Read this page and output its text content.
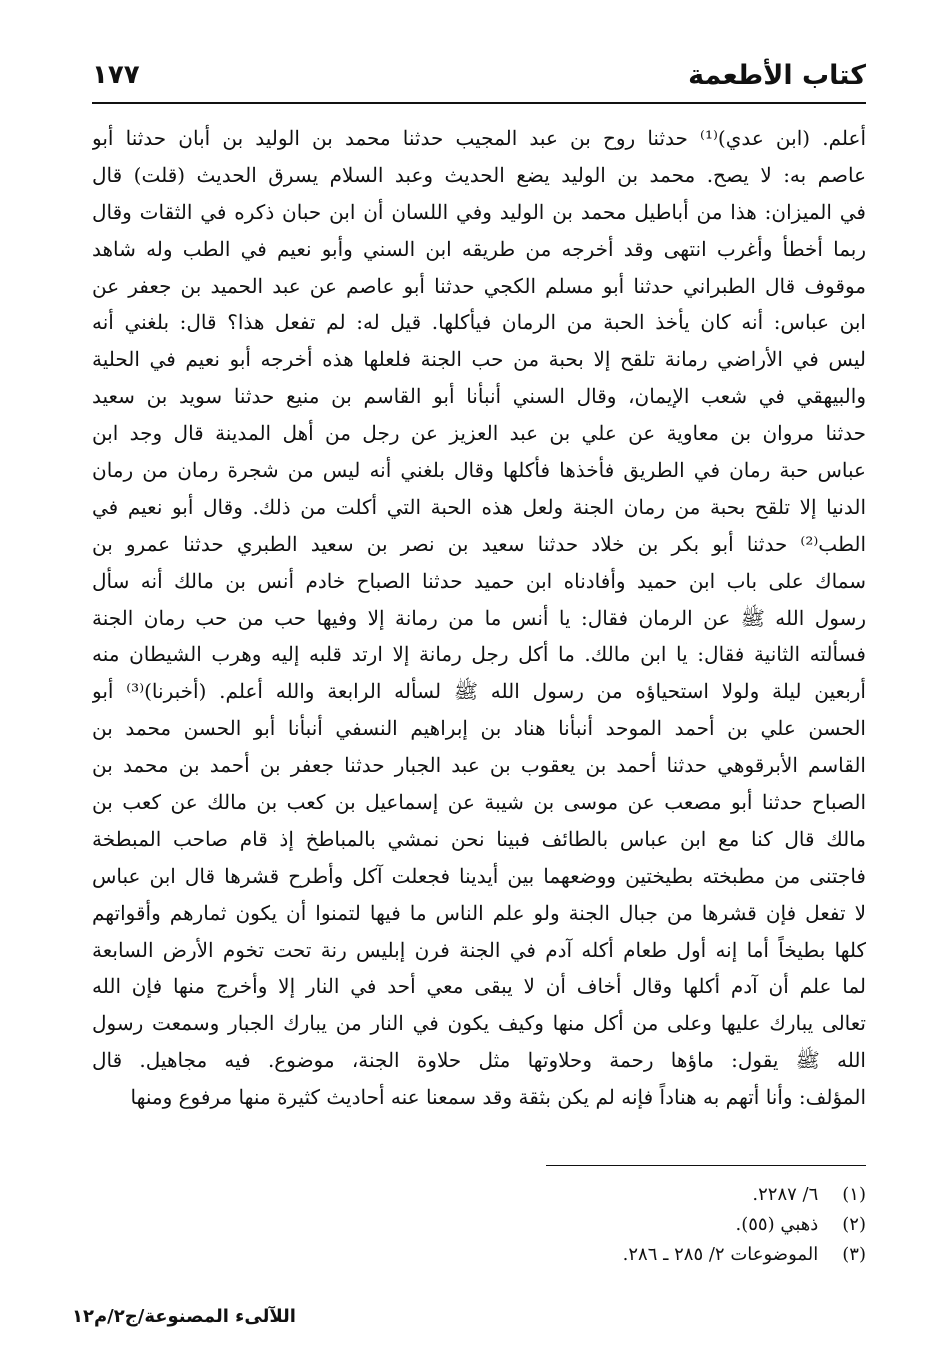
كتاب الأطعمة
١٧٧
أعلم. (ابن عدي)⁽¹⁾ حدثنا روح بن عبد المجيب حدثنا محمد بن الوليد بن أبان حدثنا أبو
عاصم به: لا يصح. محمد بن الوليد يضع الحديث وعبد السلام يسرق الحديث (قلت) قال
في الميزان: هذا من أباطيل محمد بن الوليد وفي اللسان أن ابن حبان ذكره في الثقات وقال
ربما أخطأ وأغرب انتهى وقد أخرجه من طريقه ابن السني وأبو نعيم في الطب وله شاهد
موقوف قال الطبراني حدثنا أبو مسلم الكجي حدثنا أبو عاصم عن عبد الحميد بن جعفر عن
ابن عباس: أنه كان يأخذ الحبة من الرمان فيأكلها. قيل له: لم تفعل هذا؟ قال: بلغني أنه
ليس في الأراضي رمانة تلقح إلا بحبة من حب الجنة فلعلها هذه أخرجه أبو نعيم في الحلية
والبيهقي في شعب الإيمان، وقال السني أنبأنا أبو القاسم بن منيع حدثنا سويد بن سعيد
حدثنا مروان بن معاوية عن علي بن عبد العزيز عن رجل من أهل المدينة قال وجد ابن
عباس حبة رمان في الطريق فأخذها فأكلها وقال بلغني أنه ليس من شجرة رمان من رمان
الدنيا إلا تلقح بحبة من رمان الجنة ولعل هذه الحبة التي أكلت من ذلك. وقال أبو نعيم في
الطب⁽²⁾ حدثنا أبو بكر بن خلاد حدثنا سعيد بن نصر بن سعيد الطبري حدثنا عمرو بن
سماك على باب ابن حميد وأفادناه ابن حميد حدثنا الصباح خادم أنس بن مالك أنه سأل
رسول الله ﷺ عن الرمان فقال: يا أنس ما من رمانة إلا وفيها حب من حب رمان الجنة
فسألته الثانية فقال: يا ابن مالك. ما أكل رجل رمانة إلا ارتد قلبه إليه وهرب الشيطان منه
أربعين ليلة ولولا استحياؤه من رسول الله ﷺ لسأله الرابعة والله أعلم. (أخبرنا)⁽³⁾ أبو
الحسن علي بن أحمد الموحد أنبأنا هناد بن إبراهيم النسفي أنبأنا أبو الحسن محمد بن
القاسم الأبرقوهي حدثنا أحمد بن يعقوب بن عبد الجبار حدثنا جعفر بن أحمد بن محمد بن
الصباح حدثنا أبو مصعب عن موسى بن شيبة عن إسماعيل بن كعب بن مالك عن كعب بن
مالك قال كنا مع ابن عباس بالطائف فبينا نحن نمشي بالمباطخ إذ قام صاحب المبطخة
فاجتنى من مطبخته بطيختين ووضعهما بين أيدينا فجعلت آكل وأطرح قشرها قال ابن عباس
لا تفعل فإن قشرها من جبال الجنة ولو علم الناس ما فيها لتمنوا أن يكون ثمارهم وأقواتهم
كلها بطيخاً أما إنه أول طعام أكله آدم في الجنة فرن إبليس رنة تحت تخوم الأرض السابعة
لما علم أن آدم أكلها وقال أخاف أن لا يبقى معي أحد في النار إلا وأخرج منها فإن الله
تعالى يبارك عليها وعلى من أكل منها وكيف يكون في النار من يبارك الجبار وسمعت رسول
الله ﷺ يقول: ماؤها رحمة وحلاوتها مثل حلاوة الجنة، موضوع. فيه مجاهيل. قال
المؤلف: وأنا أتهم به هناداً فإنه لم يكن بثقة وقد سمعنا عنه أحاديث كثيرة منها مرفوع ومنها
(١) ٦/ ٢٢٨٧.
(٢) ذهبي (٥٥).
(٣) الموضوعات ٢/ ٢٨٥ ـ ٢٨٦.
اللآلىء المصنوعة/ج٢/م١٢
